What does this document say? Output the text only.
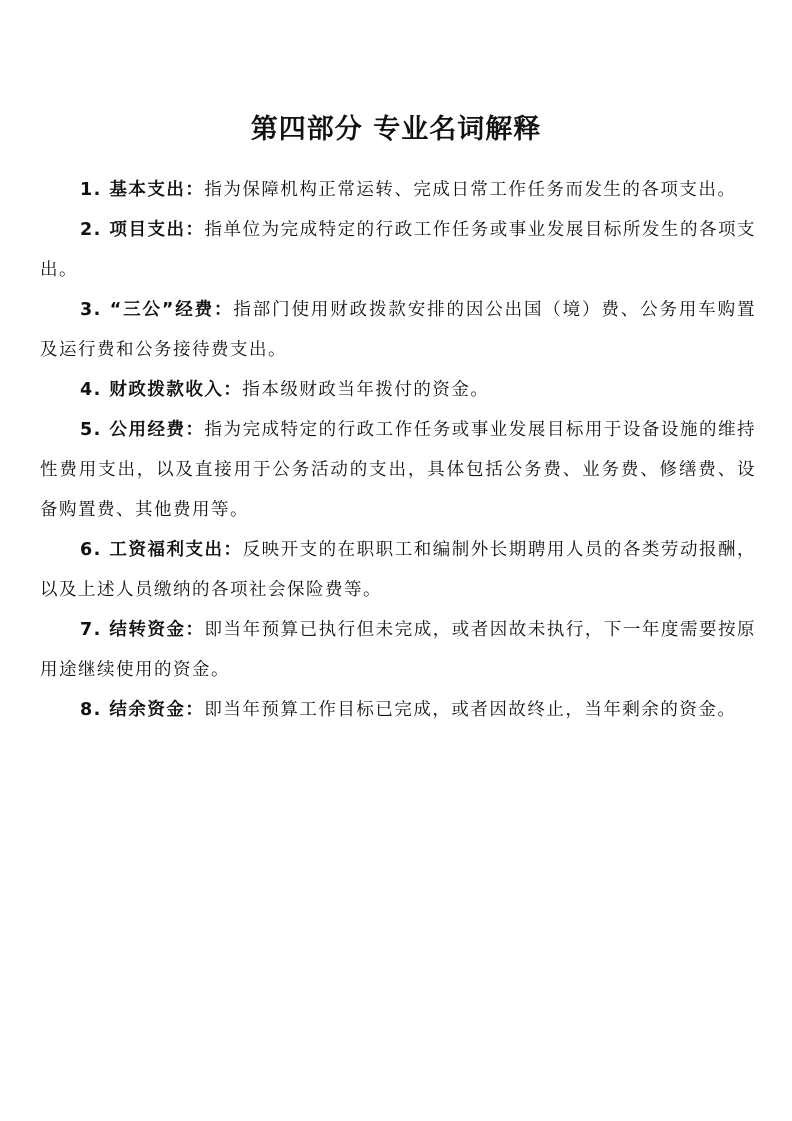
第四部分 专业名词解释
1. 基本支出：指为保障机构正常运转、完成日常工作任务而发生的各项支出。
2. 项目支出：指单位为完成特定的行政工作任务或事业发展目标所发生的各项支出。
3. “三公”经费：指部门使用财政拨款安排的因公出国（境）费、公务用车购置及运行费和公务接待费支出。
4. 财政拨款收入：指本级财政当年拨付的资金。
5. 公用经费：指为完成特定的行政工作任务或事业发展目标用于设备设施的维持性费用支出，以及直接用于公务活动的支出，具体包括公务费、业务费、修缮费、设备购置费、其他费用等。
6. 工资福利支出：反映开支的在职职工和编制外长期聘用人员的各类劳动报酬，以及上述人员缴纳的各项社会保险费等。
7. 结转资金：即当年预算已执行但未完成，或者因故未执行，下一年度需要按原用途继续使用的资金。
8. 结余资金：即当年预算工作目标已完成，或者因故终止，当年剩余的资金。
